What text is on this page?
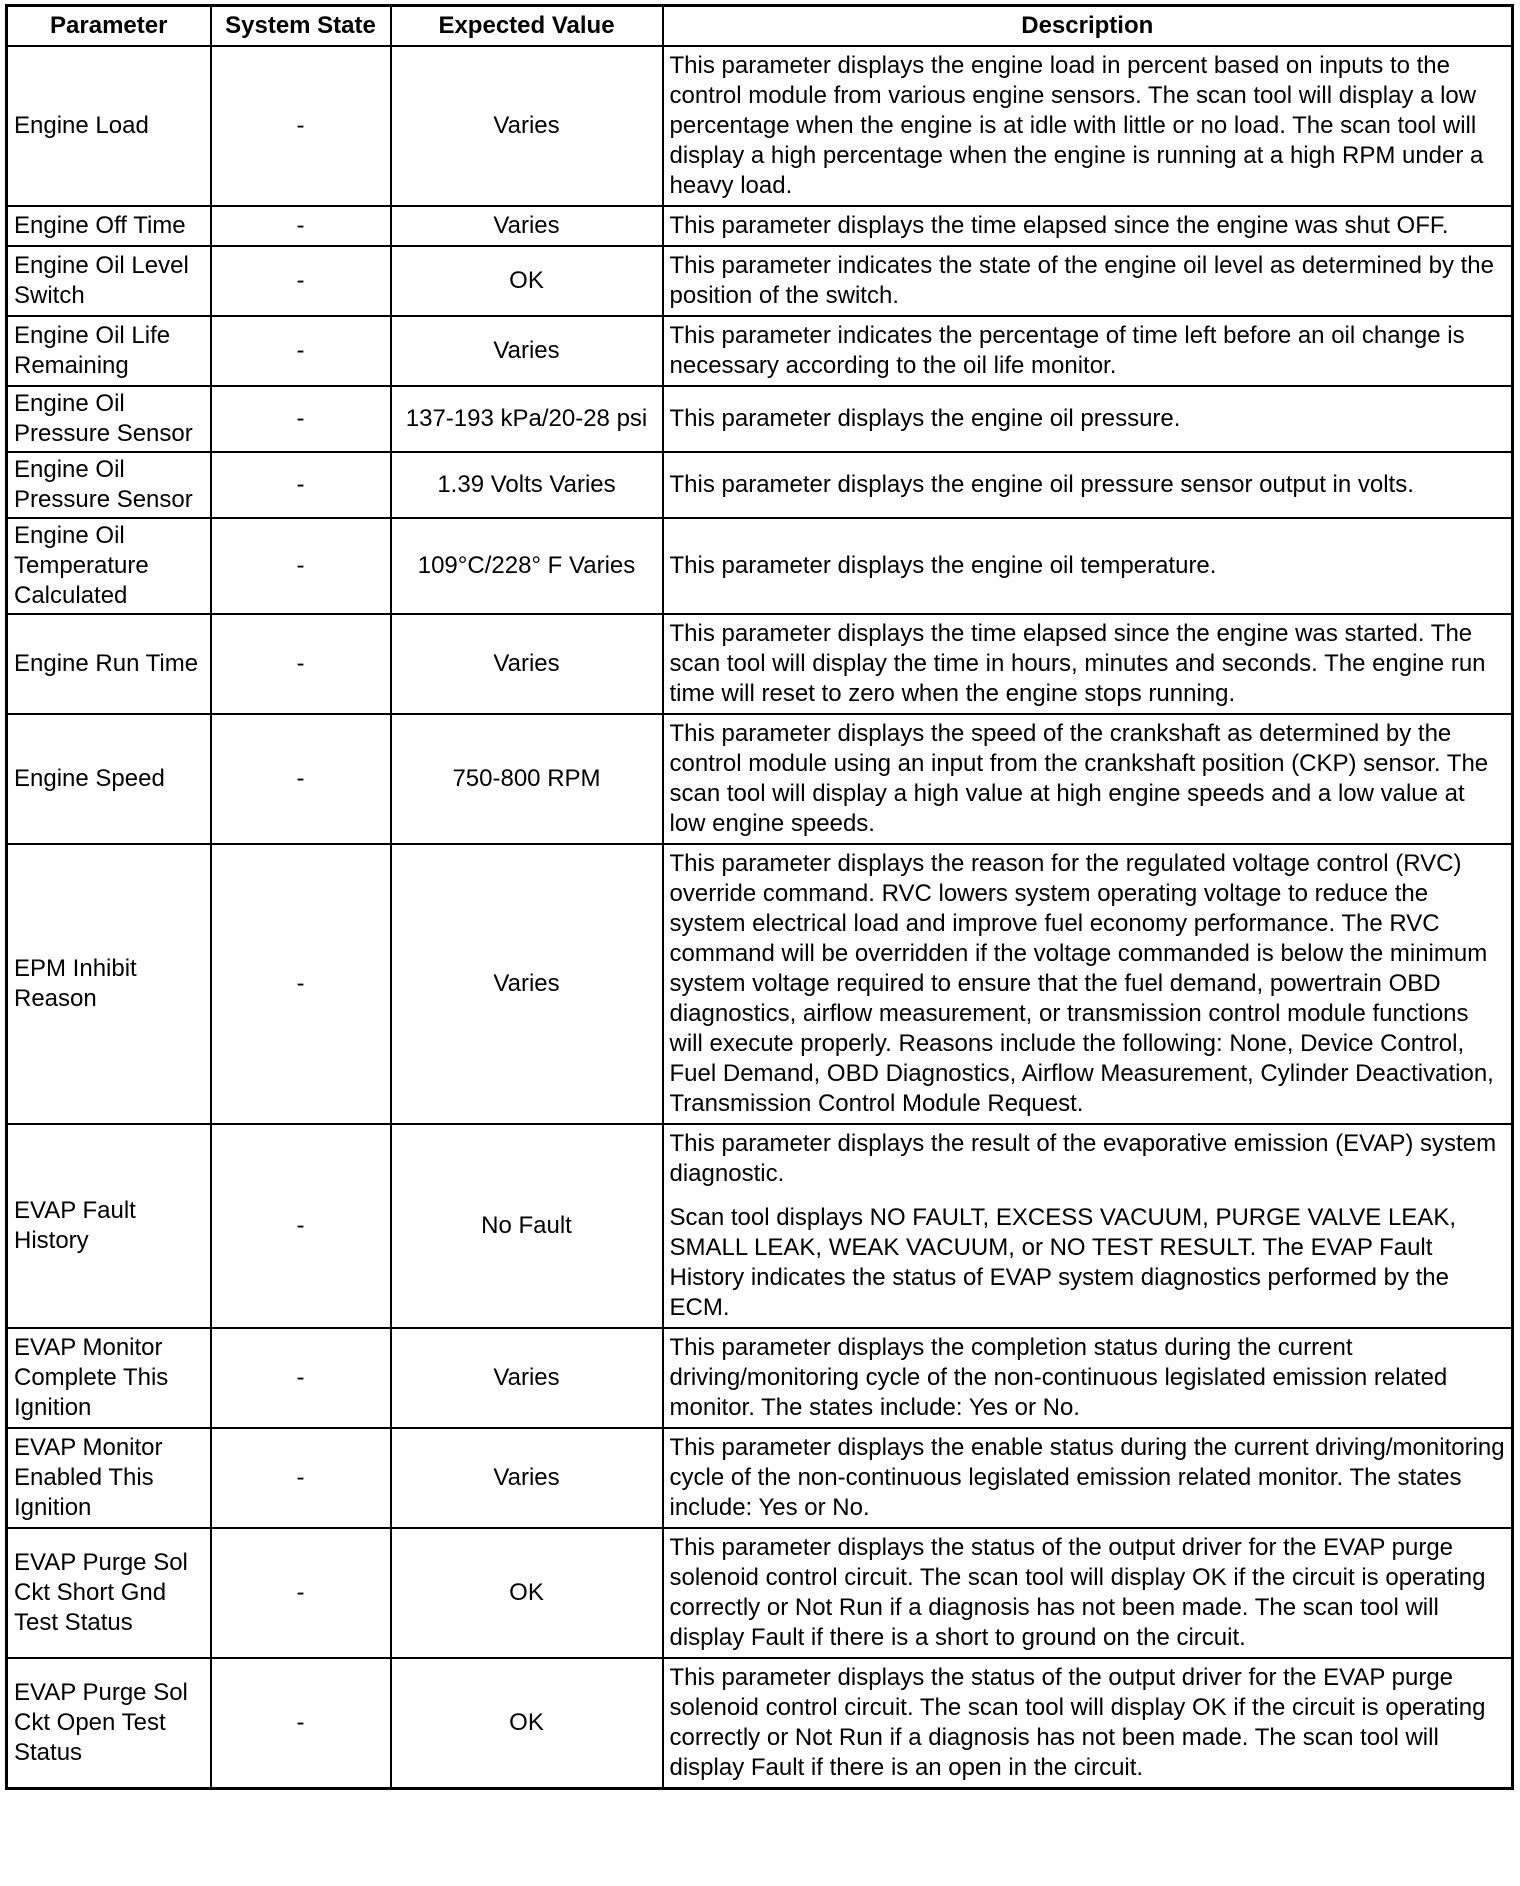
Parameter	System State	Expected Value	Description
Engine Load	-	Varies	This parameter displays the engine load in percent based on inputs to the control module from various engine sensors. The scan tool will display a low percentage when the engine is at idle with little or no load. The scan tool will display a high percentage when the engine is running at a high RPM under a heavy load.

Engine Off Time	-	Varies	This parameter displays the time elapsed since the engine was shut OFF.

Engine Oil Level Switch	-	OK	This parameter indicates the state of the engine oil level as determined by the position of the switch.

Engine Oil Life Remaining	-	Varies	This parameter indicates the percentage of time left before an oil change is necessary according to the oil life monitor.

Engine Oil Pressure Sensor	-	137-193 kPa/20-28 psi	This parameter displays the engine oil pressure.

Engine Oil Pressure Sensor	-	1.39 Volts Varies	This parameter displays the engine oil pressure sensor output in volts.

Engine Oil Temperature Calculated	-	109°C/228° F Varies	This parameter displays the engine oil temperature.

Engine Run Time	-	Varies	This parameter displays the time elapsed since the engine was started. The scan tool will display the time in hours, minutes and seconds. The engine run time will reset to zero when the engine stops running.

Engine Speed	-	750-800 RPM	This parameter displays the speed of the crankshaft as determined by the control module using an input from the crankshaft position (CKP) sensor. The scan tool will display a high value at high engine speeds and a low value at low engine speeds.

EPM Inhibit Reason	-	Varies	This parameter displays the reason for the regulated voltage control (RVC) override command. RVC lowers system operating voltage to reduce the system electrical load and improve fuel economy performance. The RVC command will be overridden if the voltage commanded is below the minimum system voltage required to ensure that the fuel demand, powertrain OBD diagnostics, airflow measurement, or transmission control module functions will execute properly. Reasons include the following: None, Device Control, Fuel Demand, OBD Diagnostics, Airflow Measurement, Cylinder Deactivation, Transmission Control Module Request.

EVAP Fault History	-	No Fault	This parameter displays the result of the evaporative emission (EVAP) system diagnostic.

Scan tool displays NO FAULT, EXCESS VACUUM, PURGE VALVE LEAK, SMALL LEAK, WEAK VACUUM, or NO TEST RESULT. The EVAP Fault History indicates the status of EVAP system diagnostics performed by the ECM.

EVAP Monitor Complete This Ignition	-	Varies	This parameter displays the completion status during the current driving/monitoring cycle of the non-continuous legislated emission related monitor. The states include: Yes or No.

EVAP Monitor Enabled This Ignition	-	Varies	This parameter displays the enable status during the current driving/monitoring cycle of the non-continuous legislated emission related monitor. The states include: Yes or No.

EVAP Purge Sol Ckt Short Gnd Test Status	-	OK	This parameter displays the status of the output driver for the EVAP purge solenoid control circuit. The scan tool will display OK if the circuit is operating correctly or Not Run if a diagnosis has not been made. The scan tool will display Fault if there is a short to ground on the circuit.

EVAP Purge Sol Ckt Open Test Status	-	OK	This parameter displays the status of the output driver for the EVAP purge solenoid control circuit. The scan tool will display OK if the circuit is operating correctly or Not Run if a diagnosis has not been made. The scan tool will display Fault if there is an open in the circuit.
